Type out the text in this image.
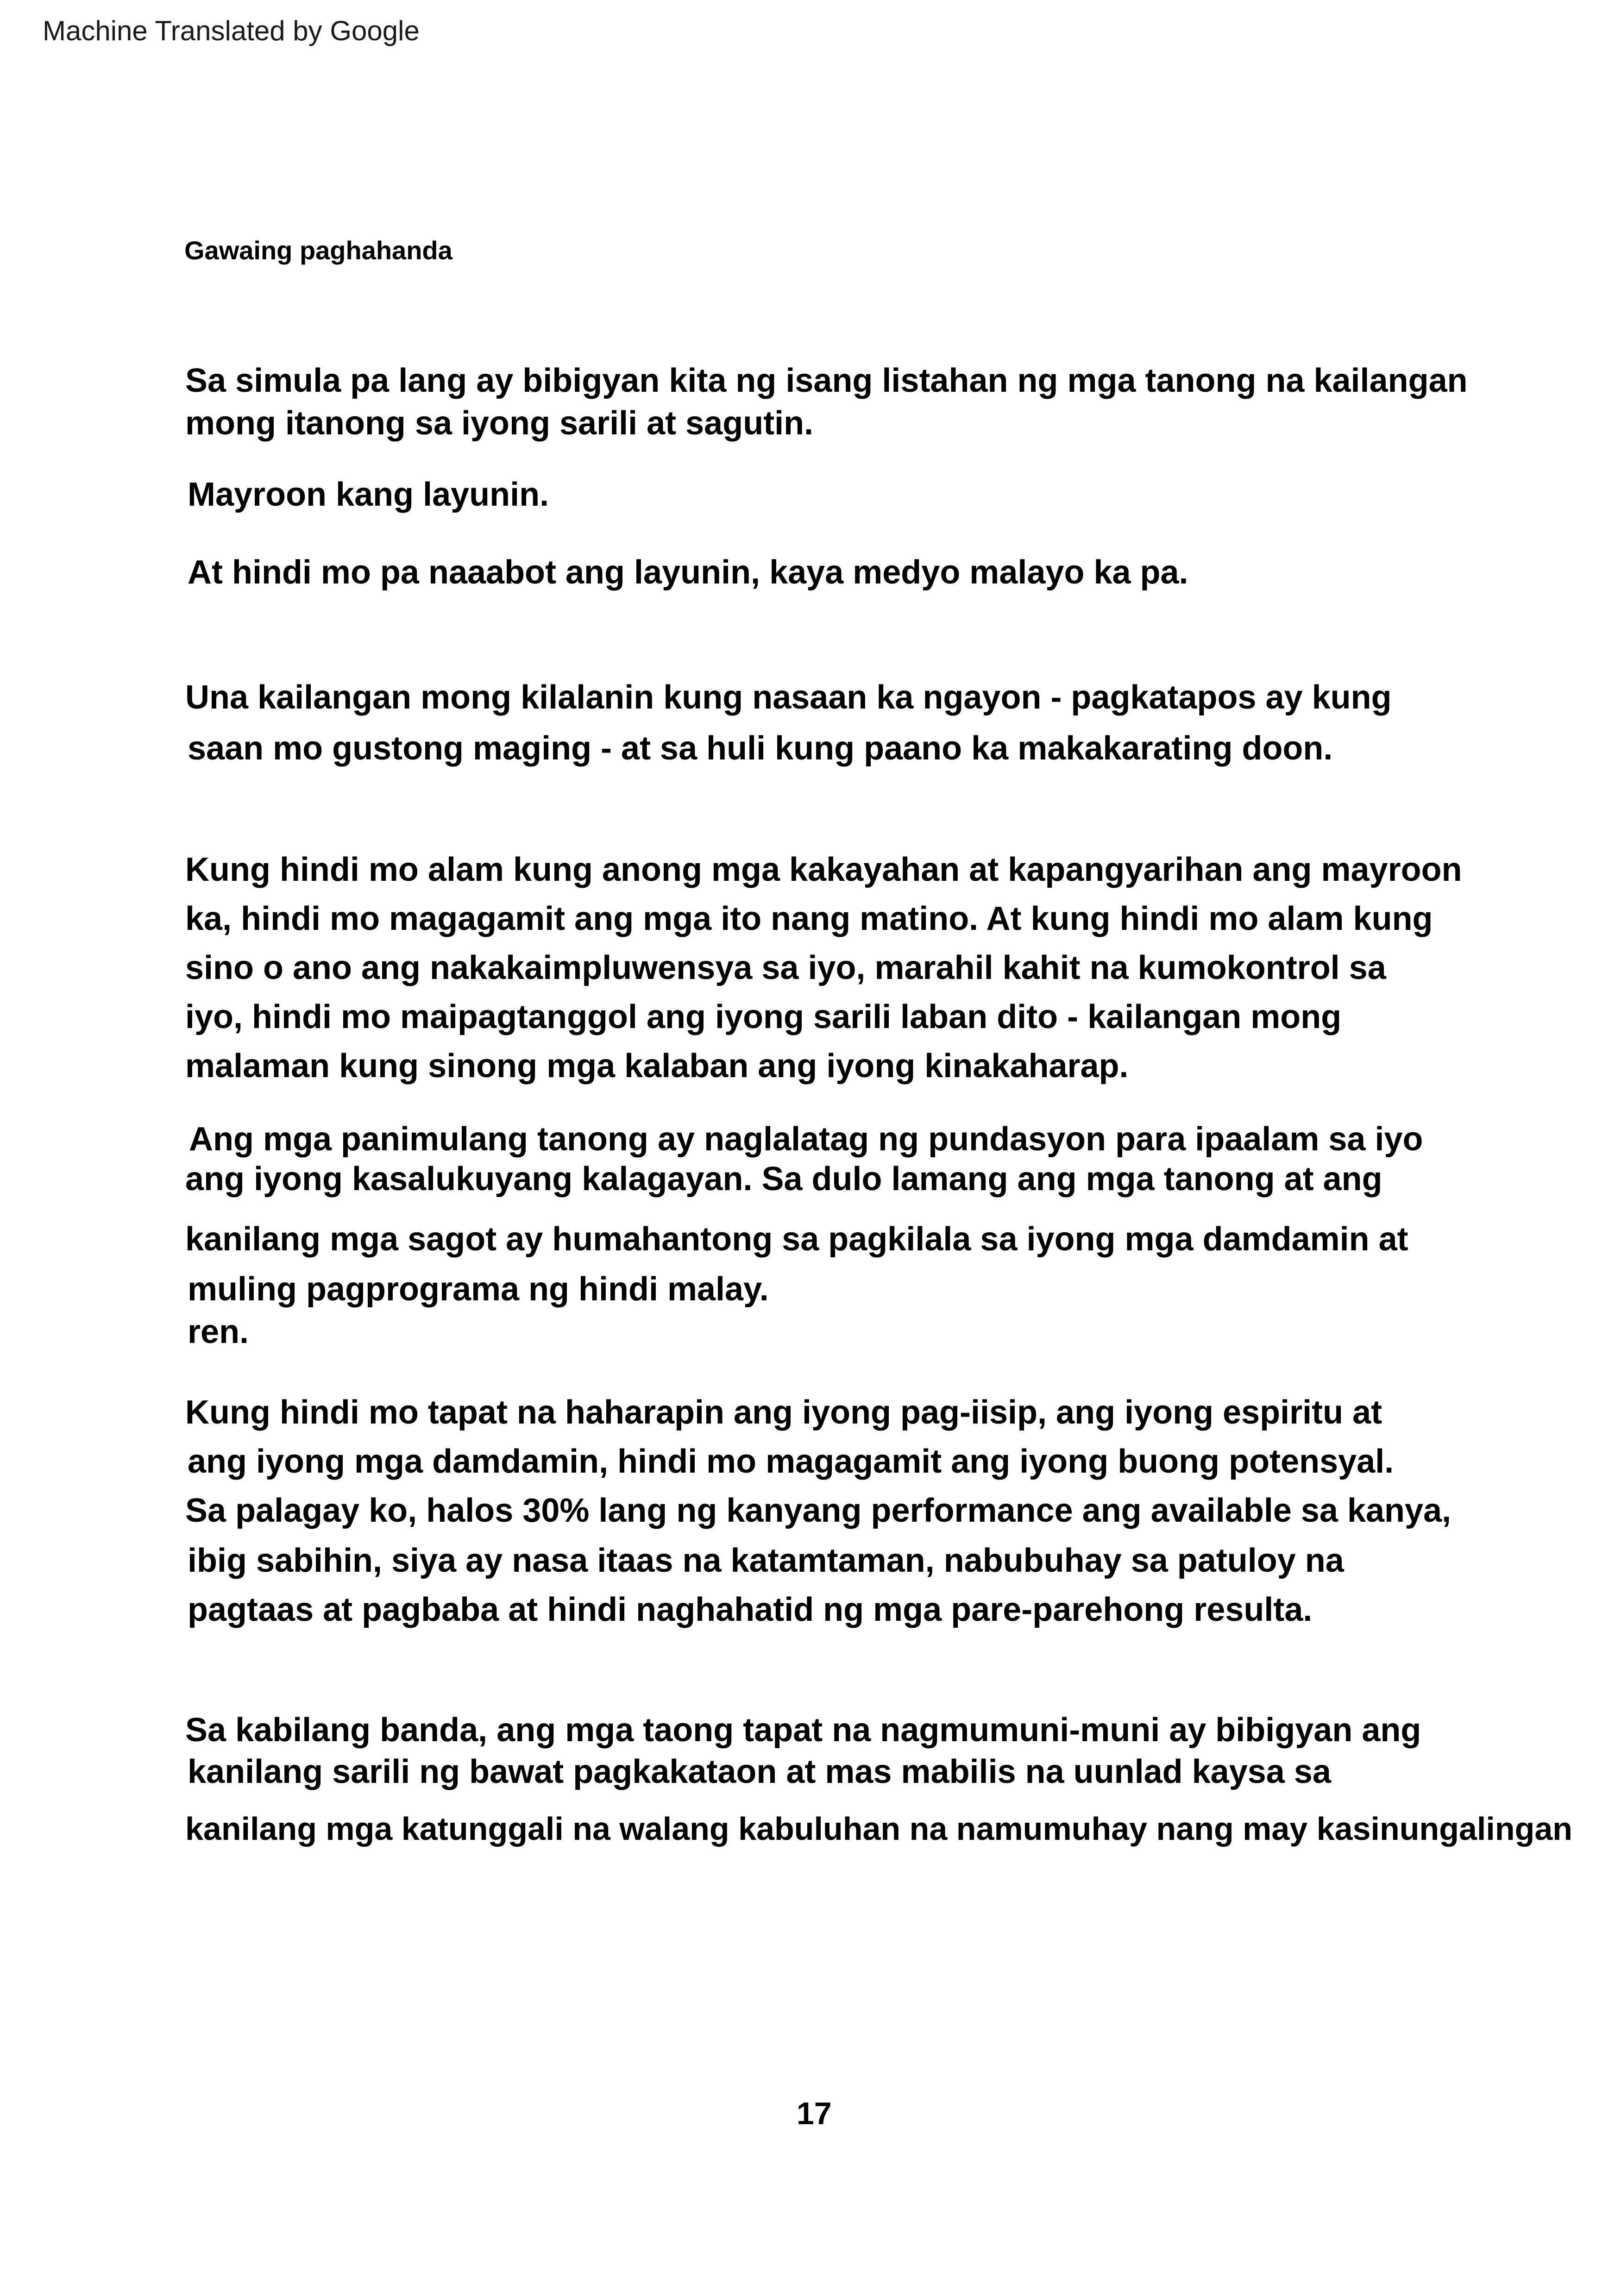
Machine Translated by Google
Gawaing paghahanda
Sa simula pa lang ay bibigyan kita ng isang listahan ng mga tanong na kailangan
mong itanong sa iyong sarili at sagutin.
Mayroon kang layunin.
At hindi mo pa naaabot ang layunin, kaya medyo malayo ka pa.
Una kailangan mong kilalanin kung nasaan ka ngayon - pagkatapos ay kung
saan mo gustong maging - at sa huli kung paano ka makakarating doon.
Kung hindi mo alam kung anong mga kakayahan at kapangyarihan ang mayroon
ka, hindi mo magagamit ang mga ito nang matino. At kung hindi mo alam kung
sino o ano ang nakakaimpluwensya sa iyo, marahil kahit na kumokontrol sa
iyo, hindi mo maipagtanggol ang iyong sarili laban dito - kailangan mong
malaman kung sinong mga kalaban ang iyong kinakaharap.
Ang mga panimulang tanong ay naglalatag ng pundasyon para ipaalam sa iyo
ang iyong kasalukuyang kalagayan. Sa dulo lamang ang mga tanong at ang
kanilang mga sagot ay humahantong sa pagkilala sa iyong mga damdamin at
muling pagprograma ng hindi malay.
ren.
Kung hindi mo tapat na haharapin ang iyong pag-iisip, ang iyong espiritu at
ang iyong mga damdamin, hindi mo magagamit ang iyong buong potensyal.
Sa palagay ko, halos 30% lang ng kanyang performance ang available sa kanya,
ibig sabihin, siya ay nasa itaas na katamtaman, nabubuhay sa patuloy na
pagtaas at pagbaba at hindi naghahatid ng mga pare-parehong resulta.
Sa kabilang banda, ang mga taong tapat na nagmumuni-muni ay bibigyan ang
kanilang sarili ng bawat pagkakataon at mas mabilis na uunlad kaysa sa
kanilang mga katunggali na walang kabuluhan na namumuhay nang may kasinungalingan
17
